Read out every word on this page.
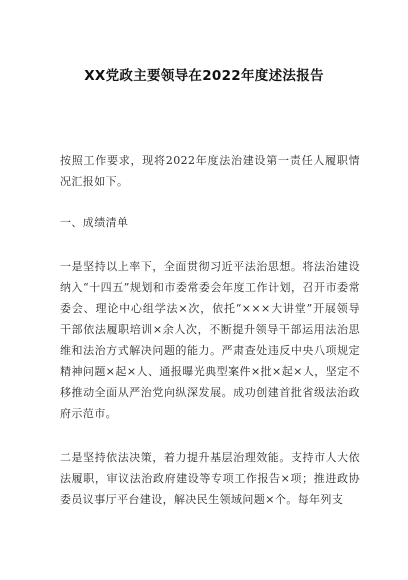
XX党政主要领导在2022年度述法报告
按照工作要求，现将2022年度法治建设第一责任人履职情况汇报如下。
一、成绩清单
一是坚持以上率下，全面贯彻习近平法治思想。将法治建设纳入“十四五”规划和市委常委会年度工作计划，召开市委常委会、理论中心组学法×次，依托“×××大讲堂”开展领导干部依法履职培训×余人次，不断提升领导干部运用法治思维和法治方式解决问题的能力。严肃查处违反中央八项规定精神问题×起×人、通报曝光典型案件×批×起×人，坚定不移推动全面从严治党向纵深发展。成功创建首批省级法治政府示范市。
二是坚持依法决策，着力提升基层治理效能。支持市人大依法履职，审议法治政府建设等专项工作报告×项；推进政协委员议事厅平台建设，解决民生领域问题×个。每年列支
